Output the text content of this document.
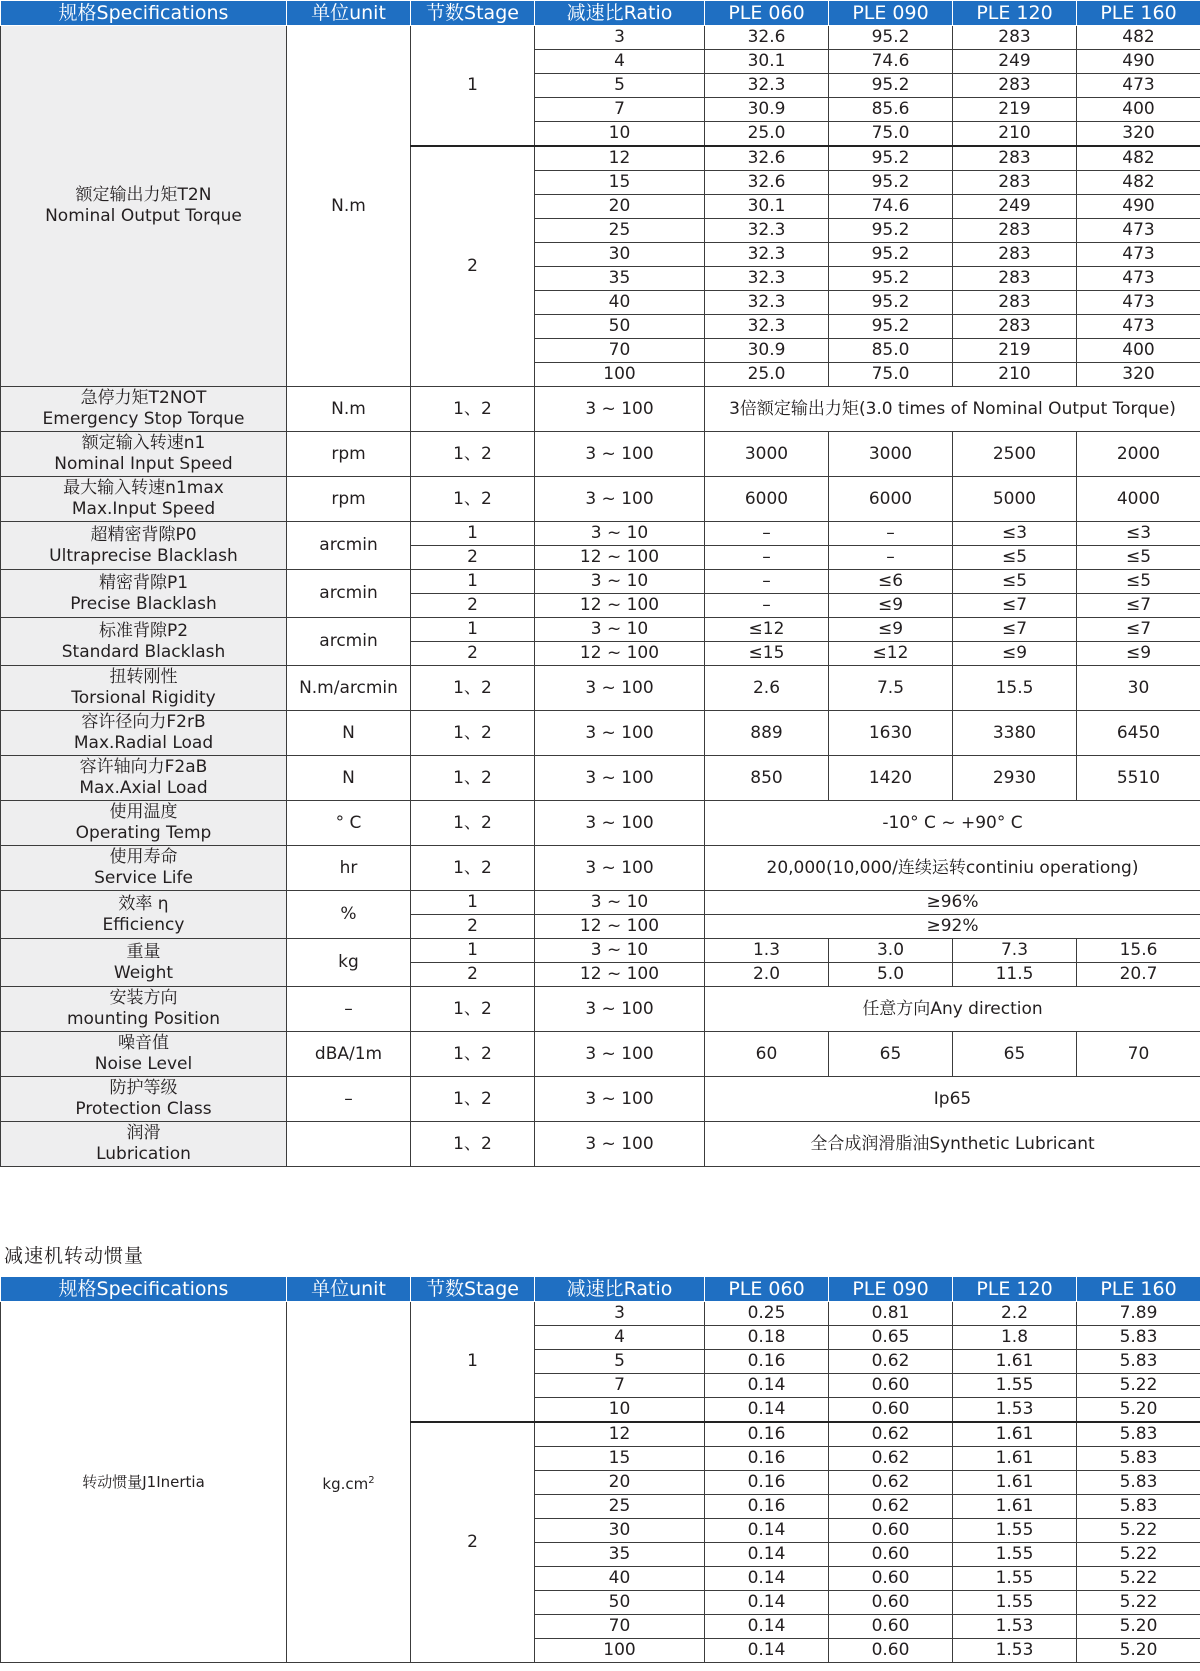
规格Specifications	单位unit	节数Stage	减速比Ratio	PLE 060	PLE 090	PLE 120	PLE 160

额定输出力矩T2N
Nominal Output Torque	N.m	1	3	32.6	95.2	283	482
			4	30.1	74.6	249	490
			5	32.3	95.2	283	473
			7	30.9	85.6	219	400
			10	25.0	75.0	210	320
		2	12	32.6	95.2	283	482
			15	32.6	95.2	283	482
			20	30.1	74.6	249	490
			25	32.3	95.2	283	473
			30	32.3	95.2	283	473
			35	32.3	95.2	283	473
			40	32.3	95.2	283	473
			50	32.3	95.2	283	473
			70	30.9	85.0	219	400
			100	25.0	75.0	210	320

急停力矩T2NOT
Emergency Stop Torque	N.m	1、2	3 ~ 100	3倍额定输出力矩(3.0 times of Nominal Output Torque)			

额定输入转速n1
Nominal Input Speed	rpm	1、2	3 ~ 100	3000	3000	2500	2000

最大输入转速n1max
Max.Input Speed	rpm	1、2	3 ~ 100	6000	6000	5000	4000

超精密背隙P0
Ultraprecise Blacklash	arcmin	1	3 ~ 10	–	–	≤3	≤3
		2	12 ~ 100	–	–	≤5	≤5

精密背隙P1
Precise Blacklash	arcmin	1	3 ~ 10	–	≤6	≤5	≤5
		2	12 ~ 100	–	≤9	≤7	≤7

标准背隙P2
Standard Blacklash	arcmin	1	3 ~ 10	≤12	≤9	≤7	≤7
		2	12 ~ 100	≤15	≤12	≤9	≤9

扭转刚性
Torsional Rigidity	N.m/arcmin	1、2	3 ~ 100	2.6	7.5	15.5	30

容许径向力F2rB
Max.Radial Load	N	1、2	3 ~ 100	889	1630	3380	6450

容许轴向力F2aB
Max.Axial Load	N	1、2	3 ~ 100	850	1420	2930	5510

使用温度
Operating Temp	° C	1、2	3 ~ 100	-10° C ~ +90° C			

使用寿命
Service Life	hr	1、2	3 ~ 100	20,000(10,000/连续运转continiu operationg)			

效率 η
Efficiency	%	1	3 ~ 10	≥96%			
		2	12 ~ 100	≥92%			

重量
Weight	kg	1	3 ~ 10	1.3	3.0	7.3	15.6
		2	12 ~ 100	2.0	5.0	11.5	20.7

安装方向
mounting Position	–	1、2	3 ~ 100	任意方向Any direction			

噪音值
Noise Level	dBA/1m	1、2	3 ~ 100	60	65	65	70

防护等级
Protection Class	–	1、2	3 ~ 100	Ip65			

润滑
Lubrication		1、2	3 ~ 100	全合成润滑脂油Synthetic Lubricant			
减速机转动惯量
规格Specifications	单位unit	节数Stage	减速比Ratio	PLE 060	PLE 090	PLE 120	PLE 160
转动惯量J1Inertia	$kg.cm^2$	1	3	0.25	0.81	2.2	7.89
			4	0.18	0.65	1.8	5.83
			5	0.16	0.62	1.61	5.83
			7	0.14	0.60	1.55	5.22
			10	0.14	0.60	1.53	5.20
		2	12	0.16	0.62	1.61	5.83
			15	0.16	0.62	1.61	5.83
			20	0.16	0.62	1.61	5.83
			25	0.16	0.62	1.61	5.83
			30	0.14	0.60	1.55	5.22
			35	0.14	0.60	1.55	5.22
			40	0.14	0.60	1.55	5.22
			50	0.14	0.60	1.55	5.22
			70	0.14	0.60	1.53	5.20
			100	0.14	0.60	1.53	5.20
